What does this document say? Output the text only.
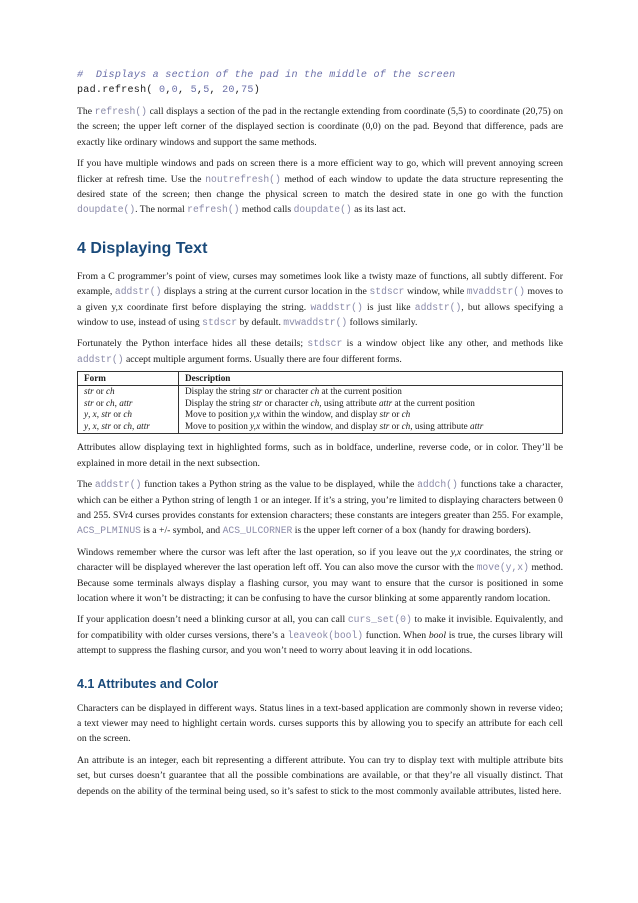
#  Displays a section of the pad in the middle of the screen
pad.refresh( 0,0, 5,5, 20,75)

The refresh() call displays a section of the pad in the rectangle extending from coordinate (5,5) to coordinate (20,75) on the screen; the upper left corner of the displayed section is coordinate (0,0) on the pad. Beyond that difference, pads are exactly like ordinary windows and support the same methods.

If you have multiple windows and pads on screen there is a more efficient way to go, which will prevent annoying screen flicker at refresh time. Use the noutrefresh() method of each window to update the data structure representing the desired state of the screen; then change the physical screen to match the desired state in one go with the function doupdate(). The normal refresh() method calls doupdate() as its last act.

4 Displaying Text

From a C programmer’s point of view, curses may sometimes look like a twisty maze of functions, all subtly different. For example, addstr() displays a string at the current cursor location in the stdscr window, while mvaddstr() moves to a given y,x coordinate first before displaying the string. waddstr() is just like addstr(), but allows specifying a window to use, instead of using stdscr by default. mvwaddstr() follows similarly.

Fortunately the Python interface hides all these details; stdscr is a window object like any other, and methods like addstr() accept multiple argument forms. Usually there are four different forms.

Form	Description
str or ch	Display the string str or character ch at the current position
str or ch, attr	Display the string str or character ch, using attribute attr at the current position
y, x, str or ch	Move to position y,x within the window, and display str or ch
y, x, str or ch, attr	Move to position y,x within the window, and display str or ch, using attribute attr

Attributes allow displaying text in highlighted forms, such as in boldface, underline, reverse code, or in color. They’ll be explained in more detail in the next subsection.

The addstr() function takes a Python string as the value to be displayed, while the addch() functions take a character, which can be either a Python string of length 1 or an integer. If it’s a string, you’re limited to displaying characters between 0 and 255. SVr4 curses provides constants for extension characters; these constants are integers greater than 255. For example, ACS_PLMINUS is a +/- symbol, and ACS_ULCORNER is the upper left corner of a box (handy for drawing borders).

Windows remember where the cursor was left after the last operation, so if you leave out the y,x coordinates, the string or character will be displayed wherever the last operation left off. You can also move the cursor with the move(y,x) method. Because some terminals always display a flashing cursor, you may want to ensure that the cursor is positioned in some location where it won’t be distracting; it can be confusing to have the cursor blinking at some apparently random location.

If your application doesn’t need a blinking cursor at all, you can call curs_set(0) to make it invisible. Equivalently, and for compatibility with older curses versions, there’s a leaveok(bool) function. When bool is true, the curses library will attempt to suppress the flashing cursor, and you won’t need to worry about leaving it in odd locations.

4.1 Attributes and Color

Characters can be displayed in different ways. Status lines in a text-based application are commonly shown in reverse video; a text viewer may need to highlight certain words. curses supports this by allowing you to specify an attribute for each cell on the screen.

An attribute is an integer, each bit representing a different attribute. You can try to display text with multiple attribute bits set, but curses doesn’t guarantee that all the possible combinations are available, or that they’re all visually distinct. That depends on the ability of the terminal being used, so it’s safest to stick to the most commonly available attributes, listed here.
